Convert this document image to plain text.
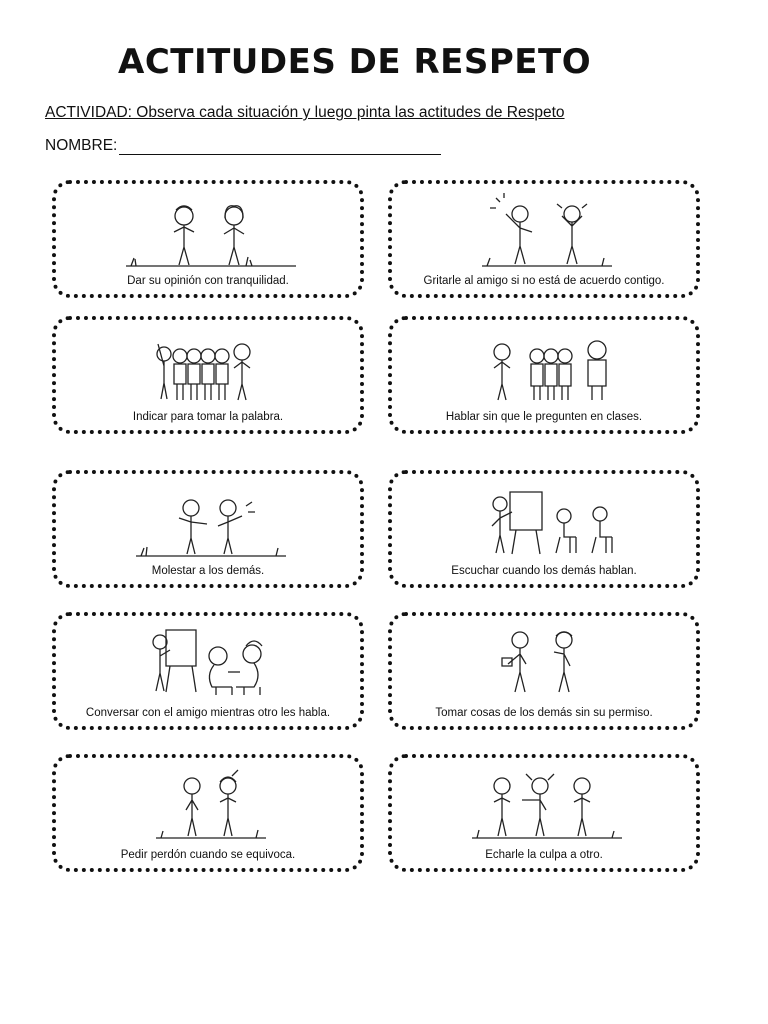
ACTITUDES DE RESPETO
ACTIVIDAD: Observa cada situación y luego pinta las actitudes de Respeto
NOMBRE:
Dar su opinión con tranquilidad.	Gritarle al amigo si no está de acuerdo contigo.
Indicar para tomar la palabra.	Hablar sin que le pregunten en clases.
Molestar a los demás.	Escuchar cuando los demás hablan.
Conversar con el amigo mientras otro les habla.	Tomar cosas de los demás sin su permiso.
Pedir perdón cuando se equivoca.	Echarle la culpa a otro.
